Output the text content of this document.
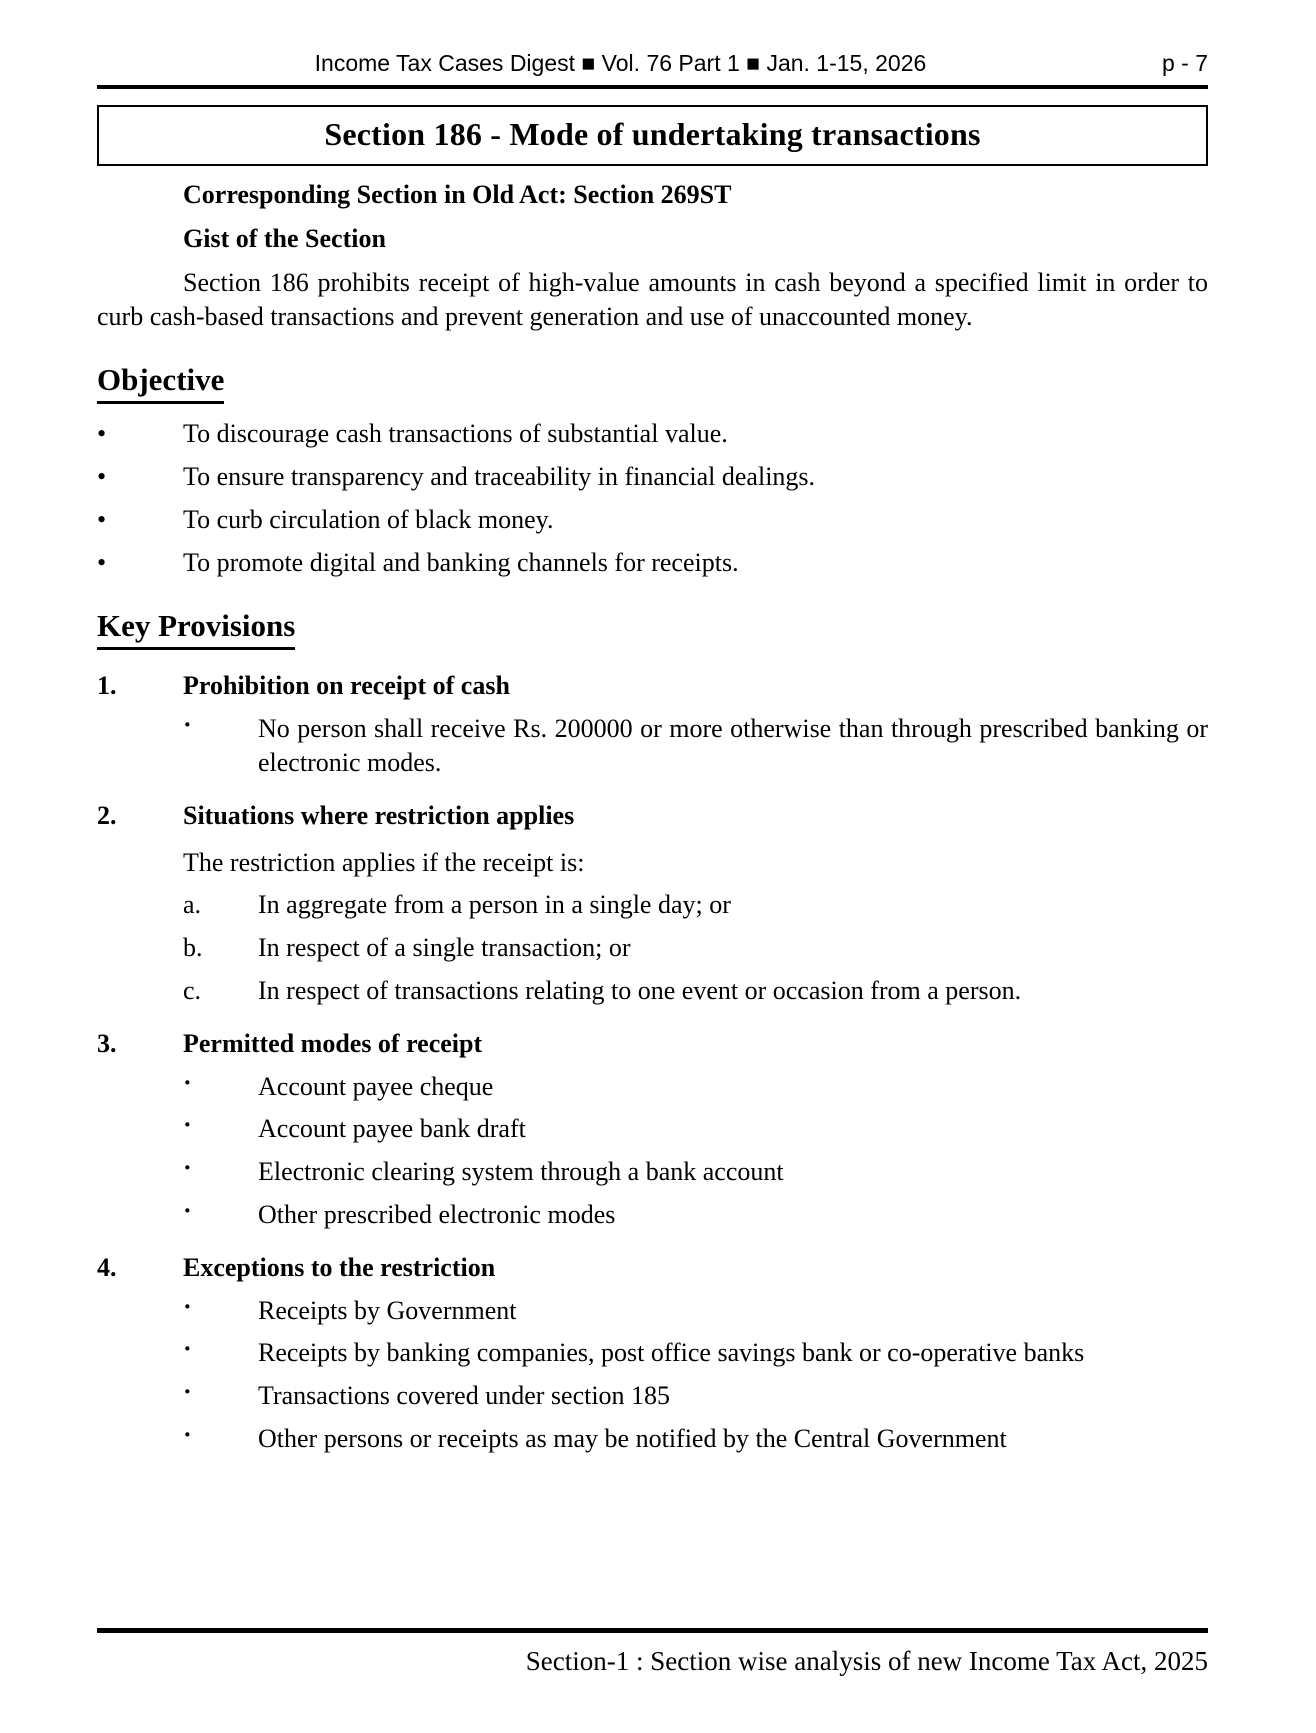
Income Tax Cases Digest ■ Vol. 76 Part 1 ■ Jan. 1-15, 2026	p - 7
Section 186 - Mode of undertaking transactions
Corresponding Section in Old Act: Section 269ST
Gist of the Section

Section 186 prohibits receipt of high-value amounts in cash beyond a specified limit in order to curb cash-based transactions and prevent generation and use of unaccounted money.

Objective
•	To discourage cash transactions of substantial value.
•	To ensure transparency and traceability in financial dealings.
•	To curb circulation of black money.
•	To promote digital and banking channels for receipts.
Key Provisions
1.	Prohibition on receipt of cash
·	No person shall receive Rs. 200000 or more otherwise than through prescribed banking or electronic modes.
2.	Situations where restriction applies
The restriction applies if the receipt is:
a.	In aggregate from a person in a single day; or
b.	In respect of a single transaction; or
c.	In respect of transactions relating to one event or occasion from a person.
3.	Permitted modes of receipt
·	Account payee cheque
·	Account payee bank draft
·	Electronic clearing system through a bank account
·	Other prescribed electronic modes
4.	Exceptions to the restriction
·	Receipts by Government
·	Receipts by banking companies, post office savings bank or co-operative banks
·	Transactions covered under section 185
·	Other persons or receipts as may be notified by the Central Government
Section-1 : Section wise analysis of new Income Tax Act, 2025
